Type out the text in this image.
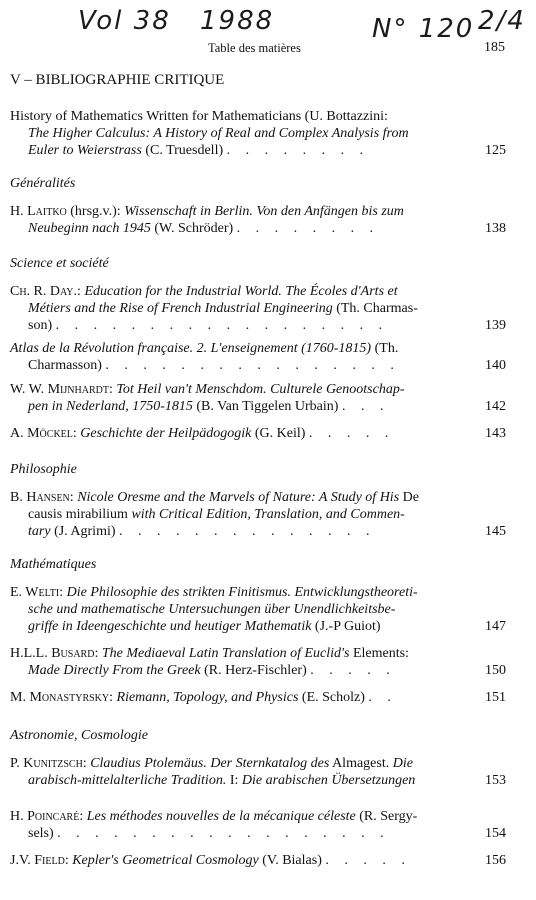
Vol 38 1988	N° 120 2/4
Table des matières	185
V – BIBLIOGRAPHIE CRITIQUE
History of Mathematics Written for Mathematicians (U. Bottazzini:
The Higher Calculus: A History of Real and Complex Analysis from
Euler to Weierstrass (C. Truesdell) . . . . . . . .	125
Généralités
H. Laitko (hrsg.v.): Wissenschaft in Berlin. Von den Anfängen bis zum
Neubeginn nach 1945 (W. Schröder) . . . . . . . .	138
Science et société
Ch. R. Day.: Education for the Industrial World. The Écoles d'Arts et
Métiers and the Rise of French Industrial Engineering (Th. Charmas-
son) . . . . . . . . . . . . . . . . . .	139
Atlas de la Révolution française. 2. L'enseignement (1760-1815) (Th.
Charmasson) . . . . . . . . . . . . . . . .	140
W. W. Mijnhardt: Tot Heil van't Menschdom. Culturele Genootschap-
pen in Nederland, 1750-1815 (B. Van Tiggelen Urbain) . . .	142
A. Möckel: Geschichte der Heilpädogogik (G. Keil) . . . . .	143
Philosophie
B. Hansen: Nicole Oresme and the Marvels of Nature: A Study of His De
causis mirabilium with Critical Edition, Translation, and Commen-
tary (J. Agrimi) . . . . . . . . . . . . . .	145
Mathématiques
E. Welti: Die Philosophie des strikten Finitismus. Entwicklungstheoreti-
sche und mathematische Untersuchungen über Unendlichkeitsbe-
griffe in Ideengeschichte und heutiger Mathematik (J.-P Guiot)	147
H.L.L. Busard: The Mediaeval Latin Translation of Euclid's Elements:
Made Directly From the Greek (R. Herz-Fischler) . . . . .	150
M. Monastyrsky: Riemann, Topology, and Physics (E. Scholz) . .	151
Astronomie, Cosmologie
P. Kunitzsch: Claudius Ptolemäus. Der Sternkatalog des Almagest. Die
arabisch-mittelalterliche Tradition. I: Die arabischen Übersetzungen	153
H. Poincaré: Les méthodes nouvelles de la mécanique céleste (R. Sergy-
sels) . . . . . . . . . . . . . . . . . .	154
J.V. Field: Kepler's Geometrical Cosmology (V. Bialas) . . . . .	156
